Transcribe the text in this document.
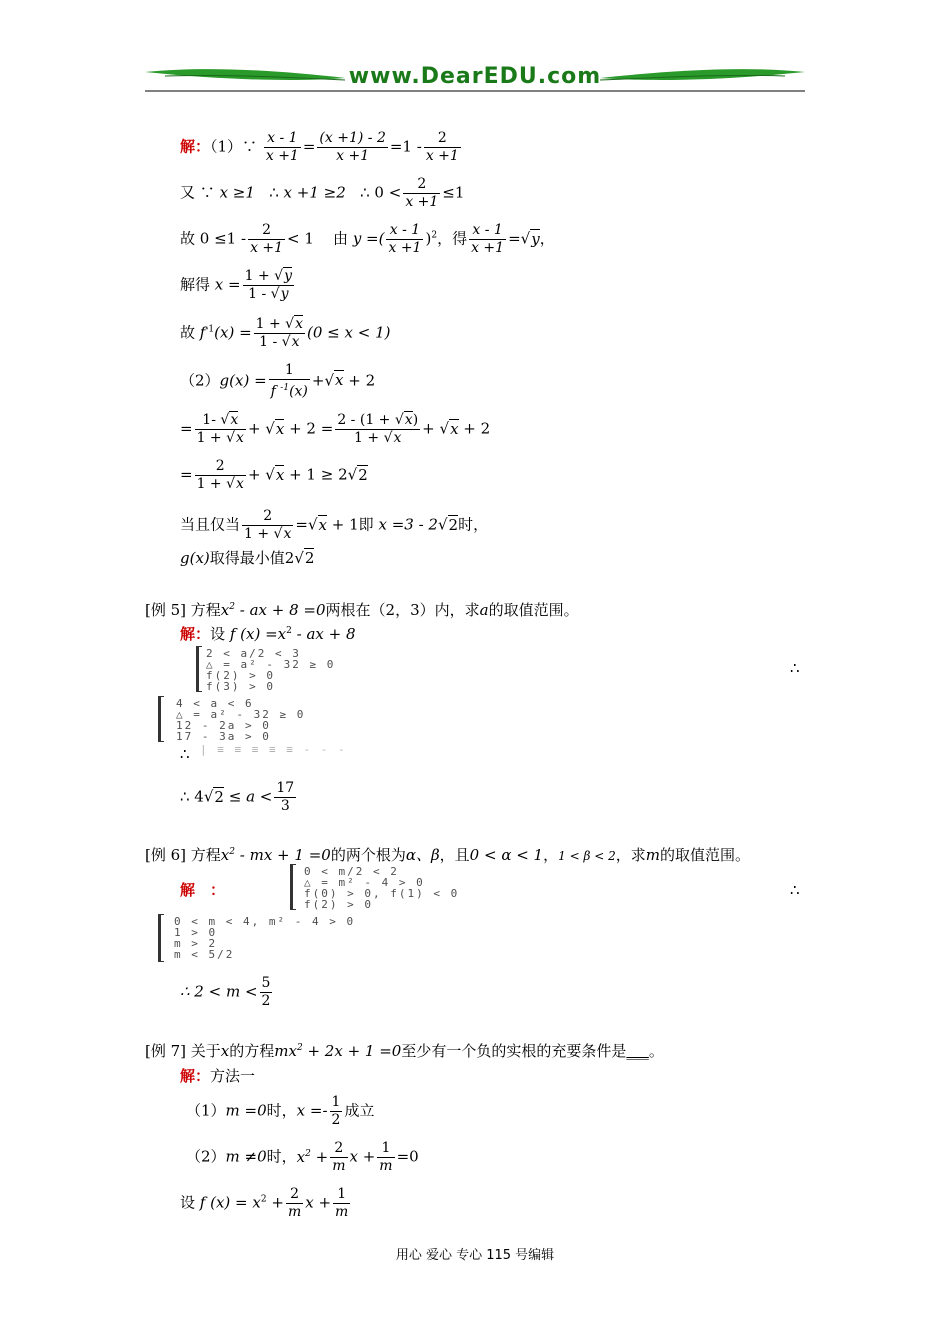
www.DearEDU.com
解：（1）∵ $\frac{x - 1}{x +1} = \frac{(x +1) - 2}{x +1} =1 - \frac{2}{x +1}$
又 ∵ x ≥1 ∴ x +1 ≥2 ∴ $0 < \frac{2}{x +1} \le 1$
故 $0 \le 1 - \frac{2}{x +1} < 1$ 由 y =( $\frac{x - 1}{x +1} )^2$，得 $\frac{x - 1}{x +1} =√y$，
解得 $x = \frac{1 + √y}{1 - √y}$
故 $f^{-1}(x) = \frac{1 + √x}{1 - √x} (0 \le x < 1)$
$(2)g(x) = \frac{1}{f ^{-1}(x)} +√x + 2$
= $\frac{1- √x}{1 + √x} + √x + 2 = \frac{2 - (1 + √x)}{1 + √x} + √x + 2$
= $\frac{2}{1 + √x} + √x + 1 \ge 2√2$
当且仅当 $\frac{2}{1 + √x} =√x + 1$即 x =3 - 2√2时，
g(x)取得最小值2√2
[例 5] 方程$x^2$ - ax + 8 =0两根在（2，3）内，求a的取值范围。
解：设 f $(x) =x^2$ - ax + 8
2 < a/2 < 3
△ = a² - 32 ≥ 0
f(2) > 0
f(3) > 0
∴
4 < a < 6
△ = a² - 32 ≥ 0
12 - 2a > 0
17 - 3a > 0
| ≡ ≡ ≡ ≡ ≡ ‐ ‐ ‐
∴
∴ $4√2 \le a < \frac{17}{3}$
[例 6] 方程$x^2$ - mx + 1 =0的两个根为α、β，且0 < α < 1，1 < β < 2，求m的取值范围。
解　：
0 < m/2 < 2
△ = m² - 4 > 0
f(0) > 0, f(1) < 0
f(2) > 0
∴
0 < m < 4, m² - 4 > 0
1 > 0
m > 2
m < 5/2
∴ $2 < m < \frac{5}{2}$
[例 7] 关于x的方程$mx^2 + 2x + 1 =0$至少有一个负的实根的充要条件是___。
解：方法一
（1）m =0时，$x =- \frac{1}{2}$ 成立
（2）m ≠0时，$x^2 + \frac{2}{m}$ $x + \frac{1}{m} =0$
设 f $(x) = x^2 + \frac{2}{m}$ $x + \frac{1}{m}$
用心 爱心 专心 115 号编辑
